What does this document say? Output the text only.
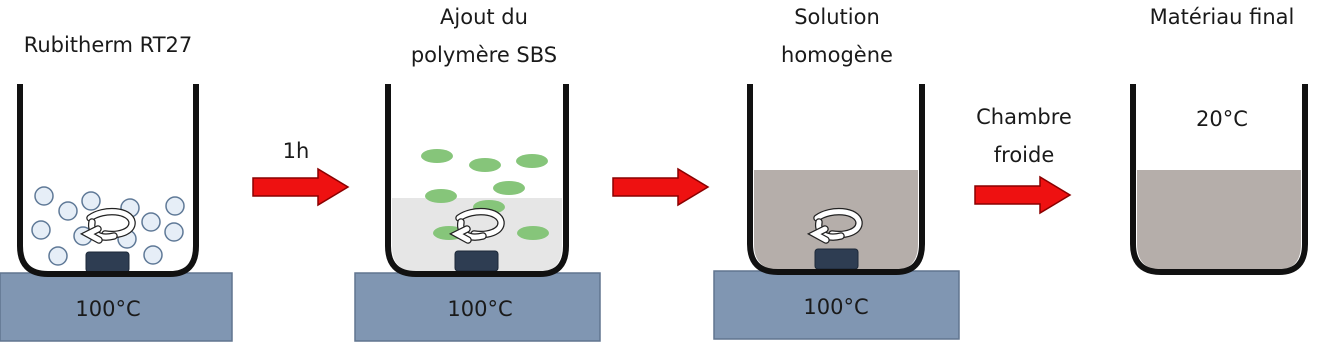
Rubitherm RT27
100°C
1h
Ajout du
polymère SBS
100°C
Solution
homogène
100°C
Chambre
froide
Matériau final
20°C
